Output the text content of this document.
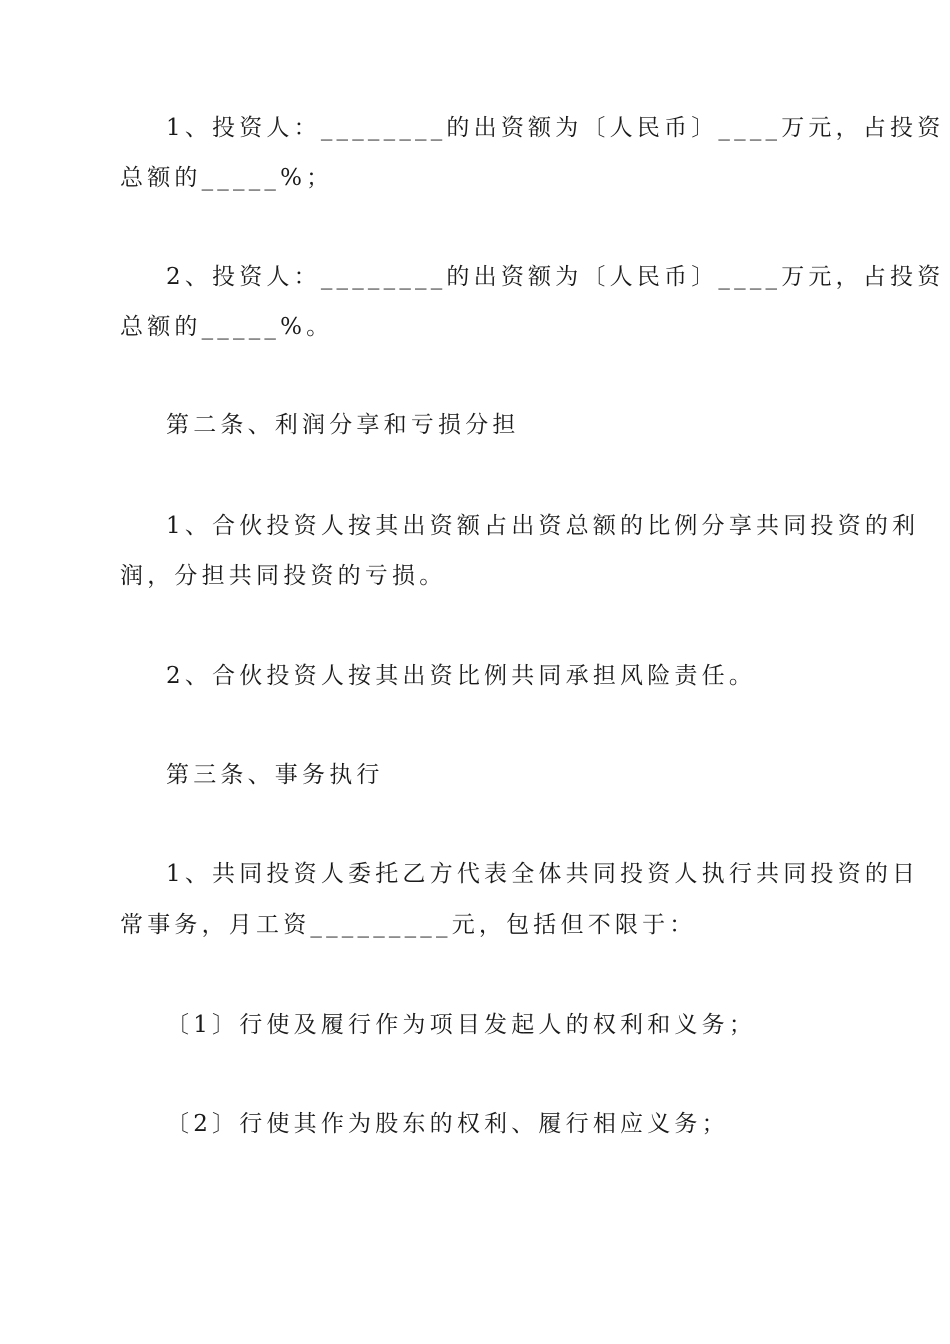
1、投资人：________的出资额为〔人民币〕____万元，占投资
总额的_____%；
2、投资人：________的出资额为〔人民币〕____万元，占投资
总额的_____%。
第二条、利润分享和亏损分担
1、合伙投资人按其出资额占出资总额的比例分享共同投资的利
润，分担共同投资的亏损。
2、合伙投资人按其出资比例共同承担风险责任。
第三条、事务执行
1、共同投资人委托乙方代表全体共同投资人执行共同投资的日
常事务，月工资_________元，包括但不限于：
〔1〕行使及履行作为项目发起人的权利和义务；
〔2〕行使其作为股东的权利、履行相应义务；
